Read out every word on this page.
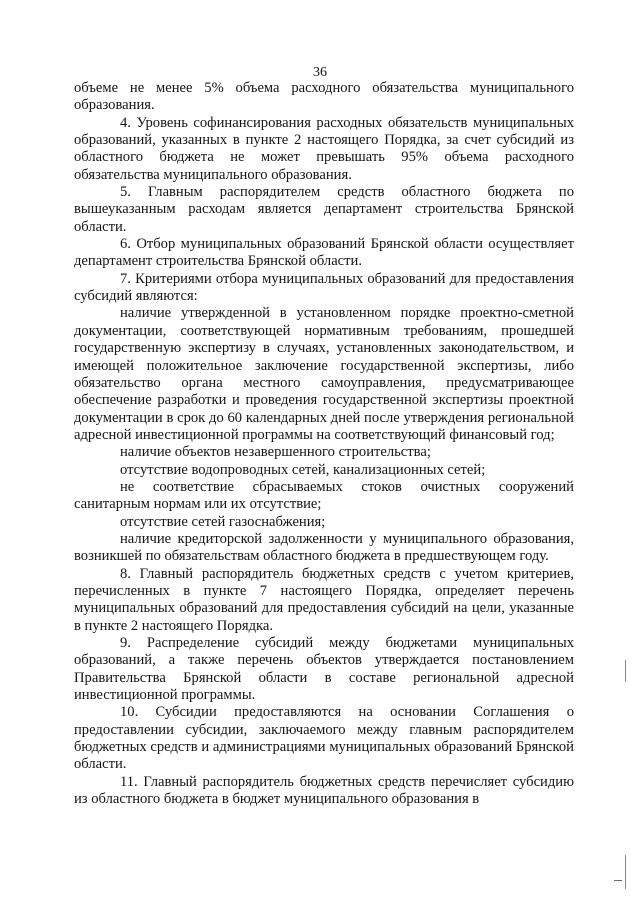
36

объеме не менее 5% объема расходного обязательства муниципального образования.

4. Уровень софинансирования расходных обязательств муниципальных образований, указанных в пункте 2 настоящего Порядка, за счет субсидий из областного бюджета не может превышать 95% объема расходного обязательства муниципального образования.

5. Главным распорядителем средств областного бюджета по вышеуказанным расходам является департамент строительства Брянской области.

6. Отбор муниципальных образований Брянской области осуществляет департамент строительства Брянской области.

7. Критериями отбора муниципальных образований для предоставления субсидий являются:

наличие утвержденной в установленном порядке проектно-сметной документации, соответствующей нормативным требованиям, прошедшей государственную экспертизу в случаях, установленных законодательством, и имеющей положительное заключение государственной экспертизы, либо обязательство органа местного самоуправления, предусматривающее обеспечение разработки и проведения государственной экспертизы проектной документации в срок до 60 календарных дней после утверждения региональной адресной инвестиционной программы на соответствующий финансовый год;

наличие объектов незавершенного строительства;

отсутствие водопроводных сетей, канализационных сетей;

не соответствие сбрасываемых стоков очистных сооружений санитарным нормам или их отсутствие;

отсутствие сетей газоснабжения;

наличие кредиторской задолженности у муниципального образования, возникшей по обязательствам областного бюджета в предшествующем году.

8. Главный распорядитель бюджетных средств с учетом критериев, перечисленных в пункте 7 настоящего Порядка, определяет перечень муниципальных образований для предоставления субсидий на цели, указанные в пункте 2 настоящего Порядка.

9. Распределение субсидий между бюджетами муниципальных образований, а также перечень объектов утверждается постановлением Правительства Брянской области в составе региональной адресной инвестиционной программы.

10. Субсидии предоставляются на основании Соглашения о предоставлении субсидии, заключаемого между главным распорядителем бюджетных средств и администрациями муниципальных образований Брянской области.

11. Главный распорядитель бюджетных средств перечисляет субсидию из областного бюджета в бюджет муниципального образования в
